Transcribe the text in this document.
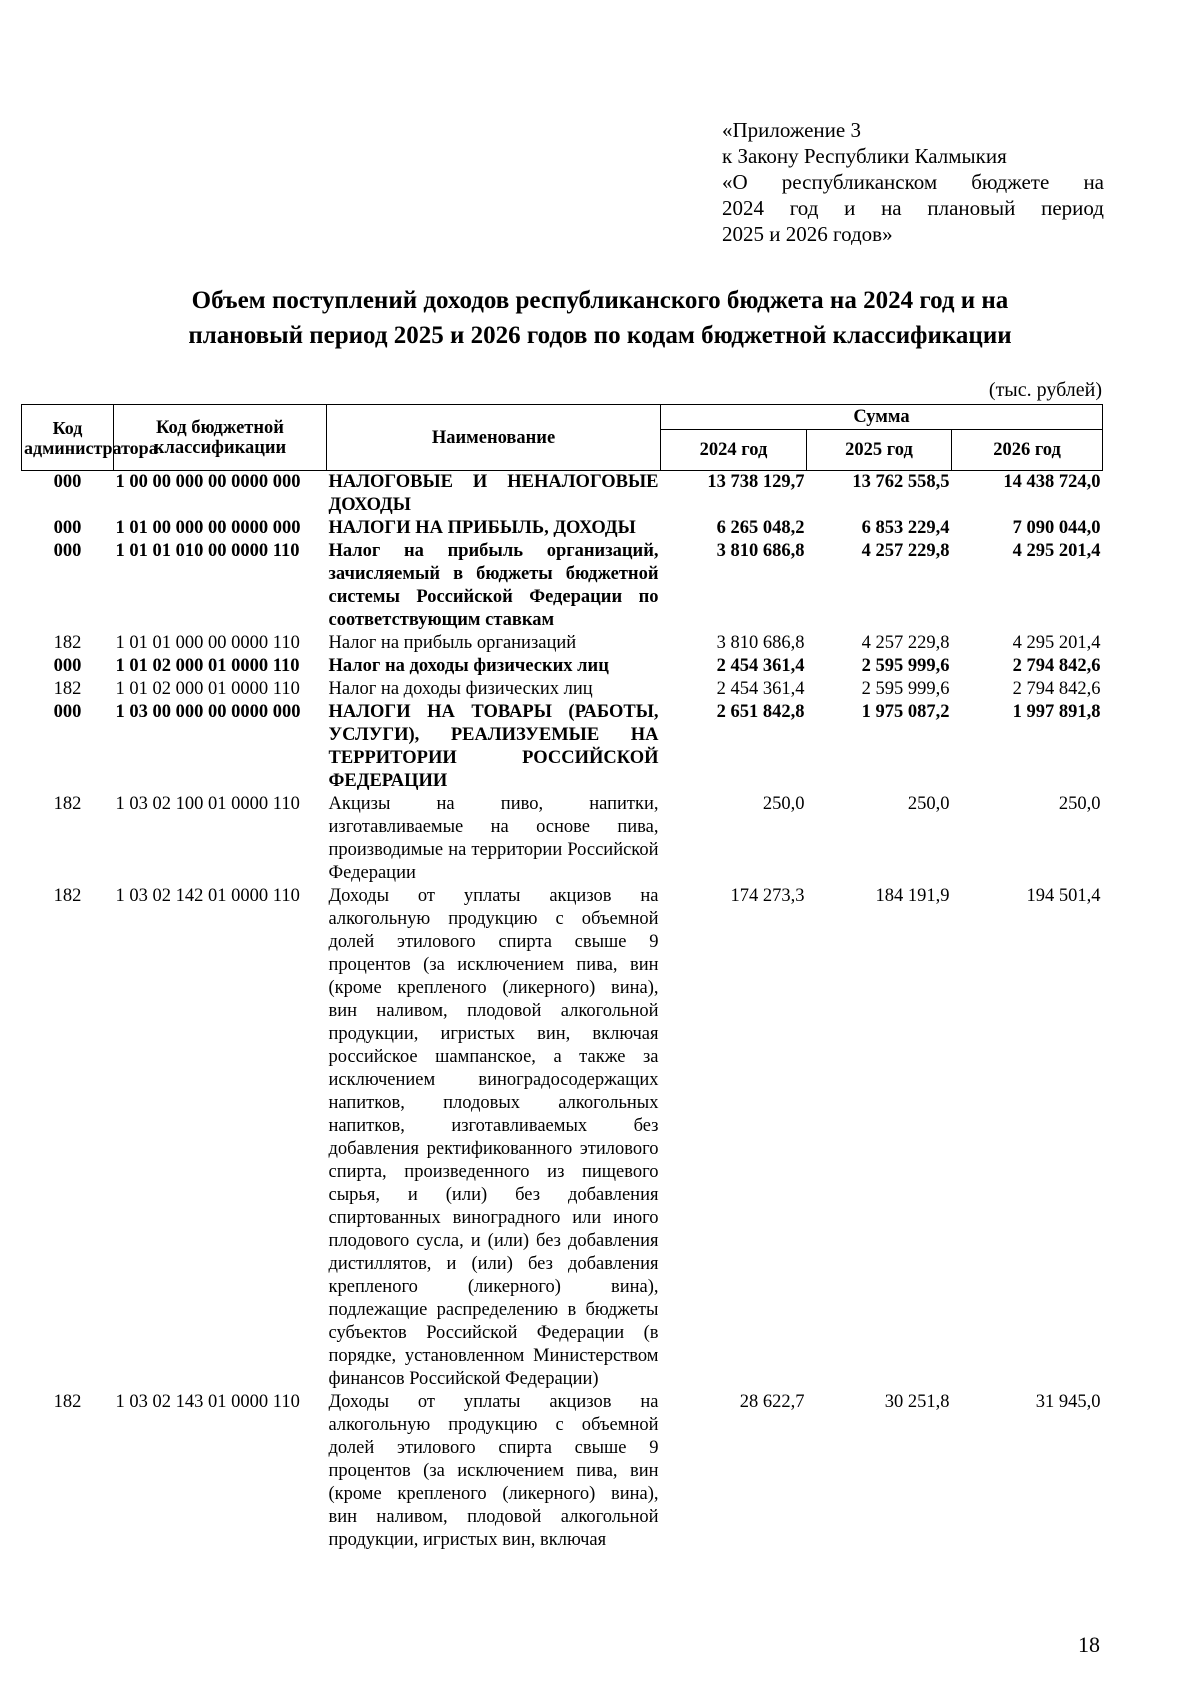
«Приложение 3
к Закону Республики Калмыкия
«О республиканском бюджете на
2024 год и на плановый период
2025 и 2026 годов»
Объем поступлений доходов республиканского бюджета на 2024 год и на
плановый период 2025 и 2026 годов по кодам бюджетной классификации
(тыс. рублей)
Код администратора	Код бюджетной классификации	Наименование	Сумма		
			2024 год	2025 год	2026 год
000	1 00 00 000 00 0000 000	НАЛОГОВЫЕ И НЕНАЛОГОВЫЕ ДОХОДЫ	13 738 129,7	13 762 558,5	14 438 724,0
000	1 01 00 000 00 0000 000	НАЛОГИ НА ПРИБЫЛЬ, ДОХОДЫ	6 265 048,2	6 853 229,4	7 090 044,0
000	1 01 01 010 00 0000 110	Налог на прибыль организаций, зачисляемый в бюджеты бюджетной системы Российской Федерации по соответствующим ставкам	3 810 686,8	4 257 229,8	4 295 201,4
182	1 01 01 000 00 0000 110	Налог на прибыль организаций	3 810 686,8	4 257 229,8	4 295 201,4
000	1 01 02 000 01 0000 110	Налог на доходы физических лиц	2 454 361,4	2 595 999,6	2 794 842,6
182	1 01 02 000 01 0000 110	Налог на доходы физических лиц	2 454 361,4	2 595 999,6	2 794 842,6
000	1 03 00 000 00 0000 000	НАЛОГИ НА ТОВАРЫ (РАБОТЫ, УСЛУГИ), РЕАЛИЗУЕМЫЕ НА ТЕРРИТОРИИ РОССИЙСКОЙ ФЕДЕРАЦИИ	2 651 842,8	1 975 087,2	1 997 891,8
182	1 03 02 100 01 0000 110	Акцизы на пиво, напитки, изготавливаемые на основе пива, производимые на территории Российской Федерации	250,0	250,0	250,0
182	1 03 02 142 01 0000 110	Доходы от уплаты акцизов на алкогольную продукцию с объемной долей этилового спирта свыше 9 процентов (за исключением пива, вин (кроме крепленого (ликерного) вина), вин наливом, плодовой алкогольной продукции, игристых вин, включая российское шампанское, а также за исключением виноградосодержащих напитков, плодовых алкогольных напитков, изготавливаемых без добавления ректификованного этилового спирта, произведенного из пищевого сырья, и (или) без добавления спиртованных виноградного или иного плодового сусла, и (или) без добавления дистиллятов, и (или) без добавления крепленого (ликерного) вина), подлежащие распределению в бюджеты субъектов Российской Федерации (в порядке, установленном Министерством финансов Российской Федерации)	174 273,3	184 191,9	194 501,4
182	1 03 02 143 01 0000 110	Доходы от уплаты акцизов на алкогольную продукцию с объемной долей этилового спирта свыше 9 процентов (за исключением пива, вин (кроме крепленого (ликерного) вина), вин наливом, плодовой алкогольной продукции, игристых вин, включая	28 622,7	30 251,8	31 945,0
18
